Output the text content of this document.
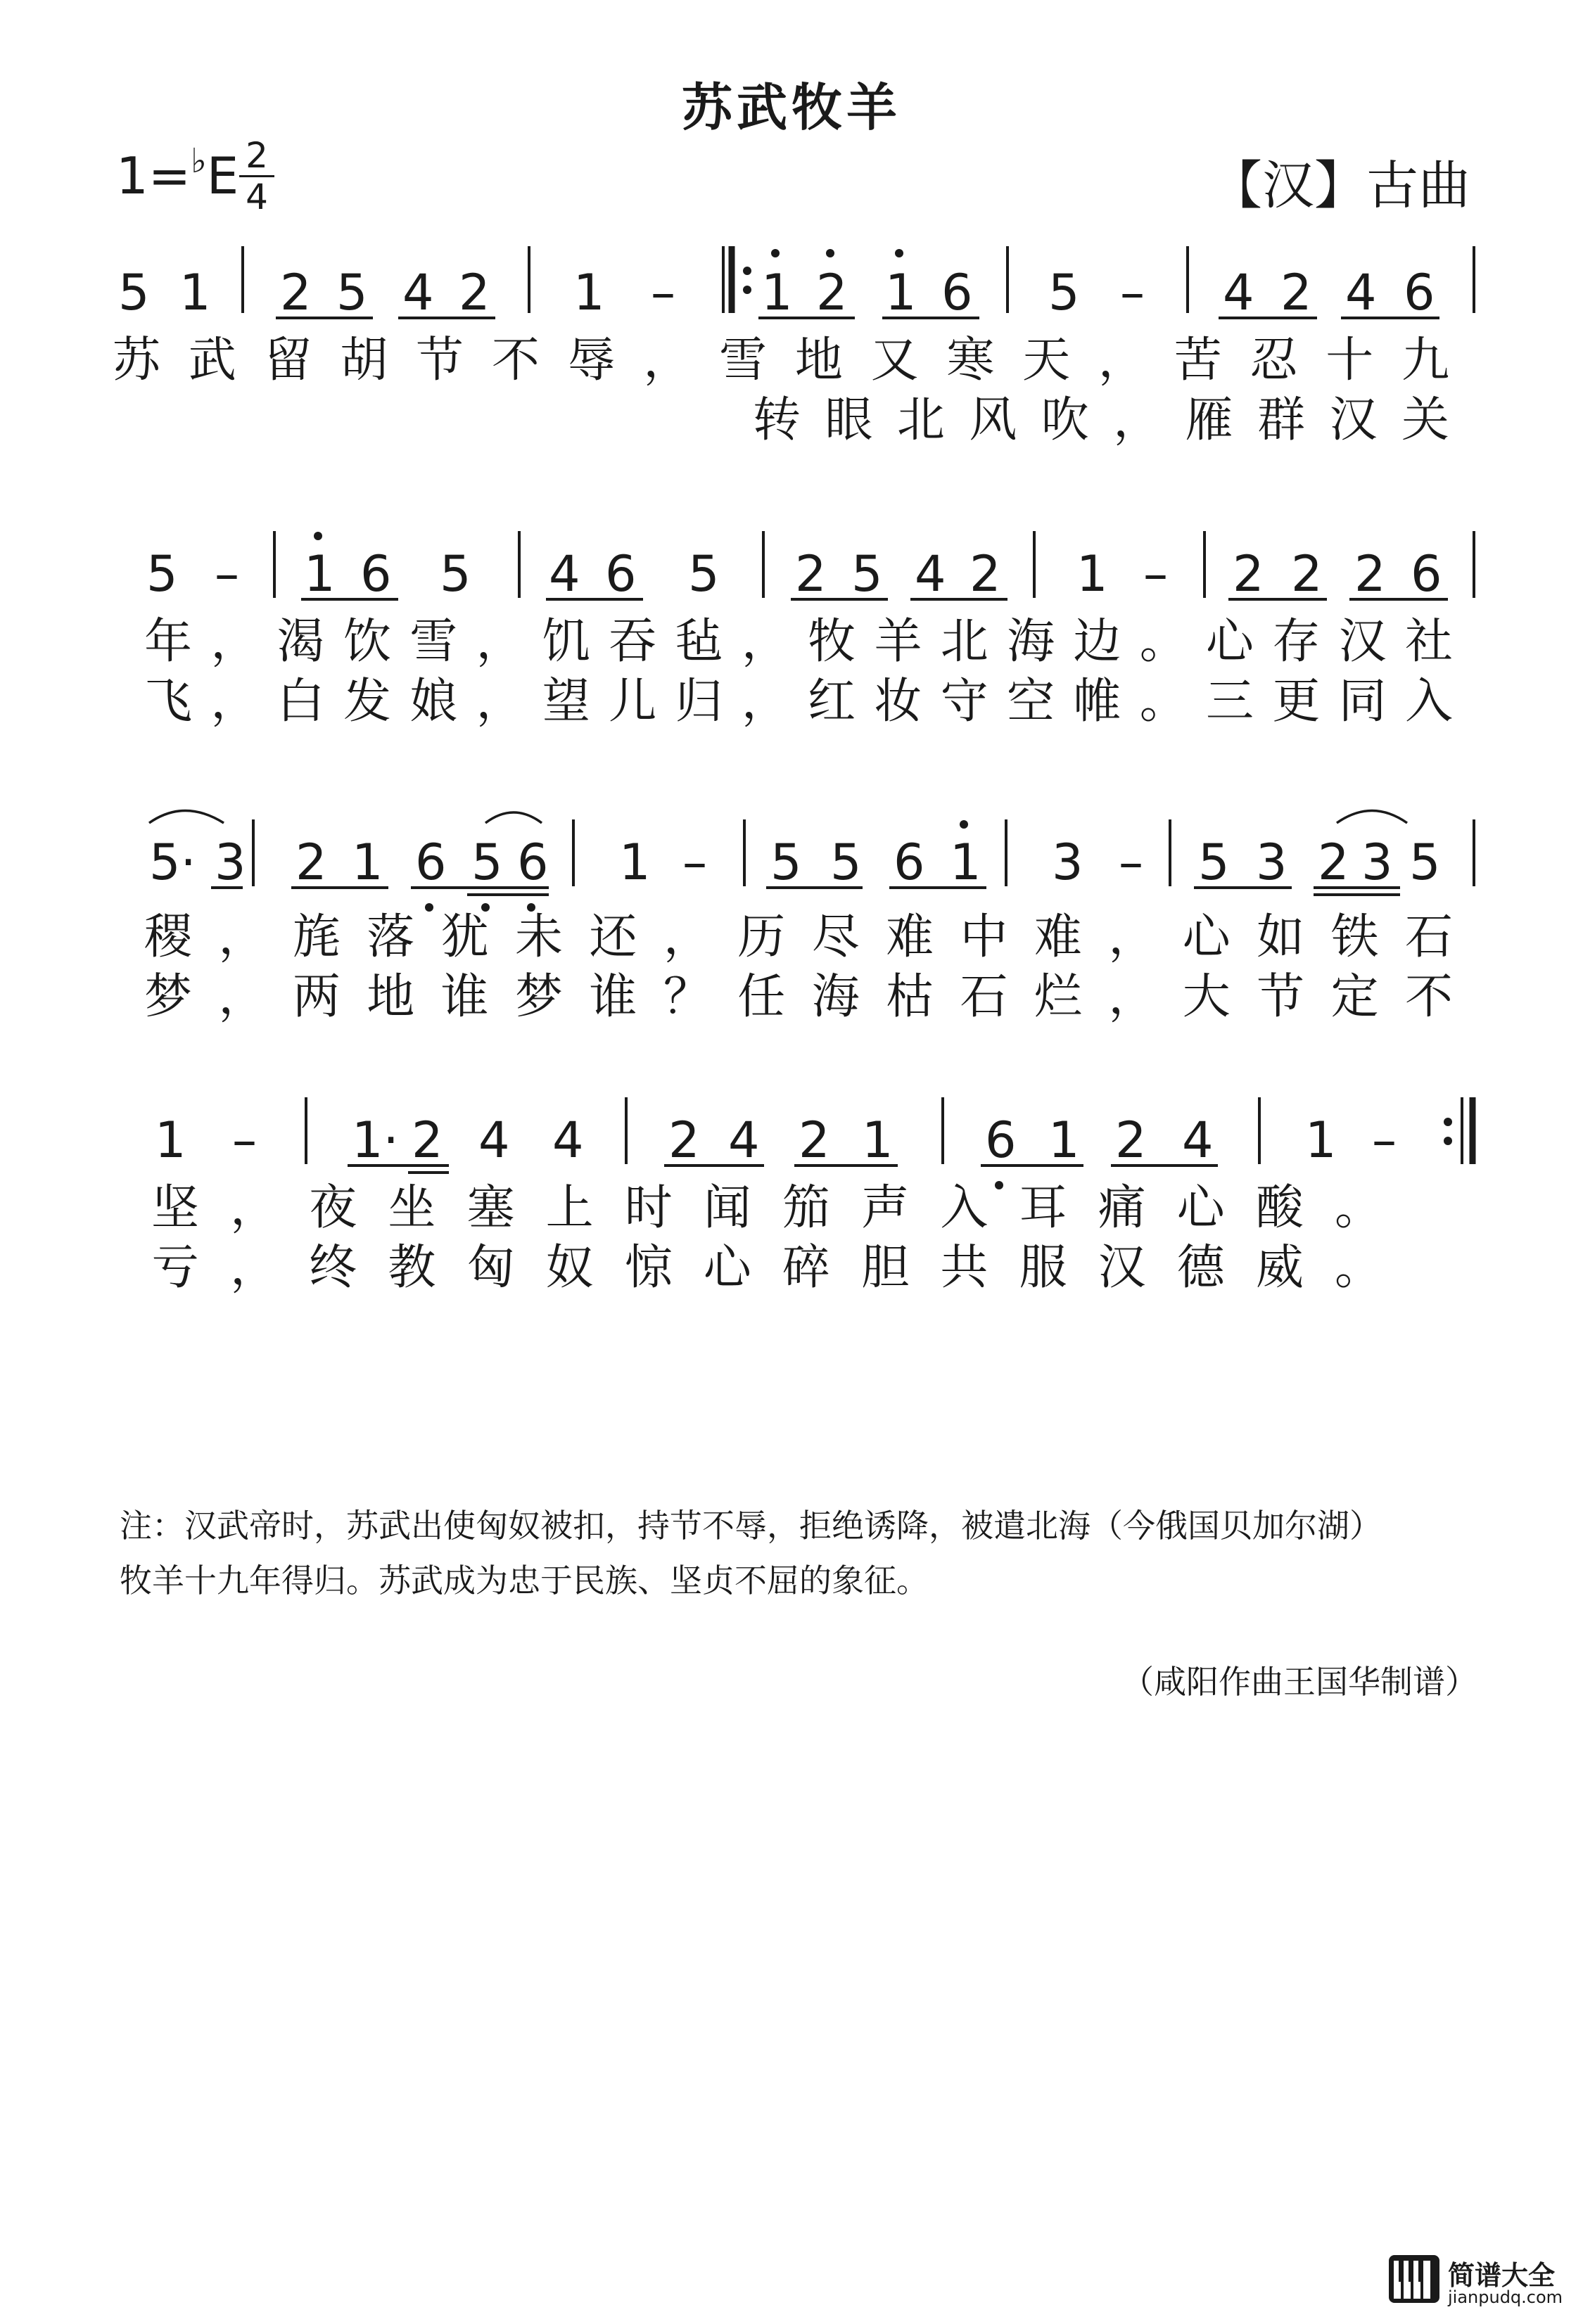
苏武牧羊
1=♭E 2
4	【汉】古曲
5 1 2 5 4 2 1 – 1 2 1 6 5 – 4 2 4 6
苏武留胡节不辱，雪地又寒天，苦忍十九
转眼北风吹，雁群汉关
5 – 1 6 5 4 6 5 2 5 4 2 1 – 2 2 2 6
年，渴饮雪，饥吞毡，牧羊北海边。心存汉社
飞，白发娘，望儿归，红妆守空帷。三更同入
5· 3 2 1 6 5 6 1 – 5 5 6 1 3 – 5 3 2 3 5
稷，旄落犹未还，历尽难中难，心如铁石
梦，两地谁梦谁？任海枯石烂，大节定不
1 – 1· 2 4 4 2 4 2 1 6 1 2 4 1 –
坚，夜坐塞上时闻笳声入耳痛心酸。
亏，终教匈奴惊心碎胆共服汉德威。
注：汉武帝时，苏武出使匈奴被扣，持节不辱，拒绝诱降，被遣北海（今俄国贝加尔湖）
牧羊十九年得归。苏武成为忠于民族、坚贞不屈的象征。
（咸阳作曲王国华制谱）
简谱大全
jianpudq.com
